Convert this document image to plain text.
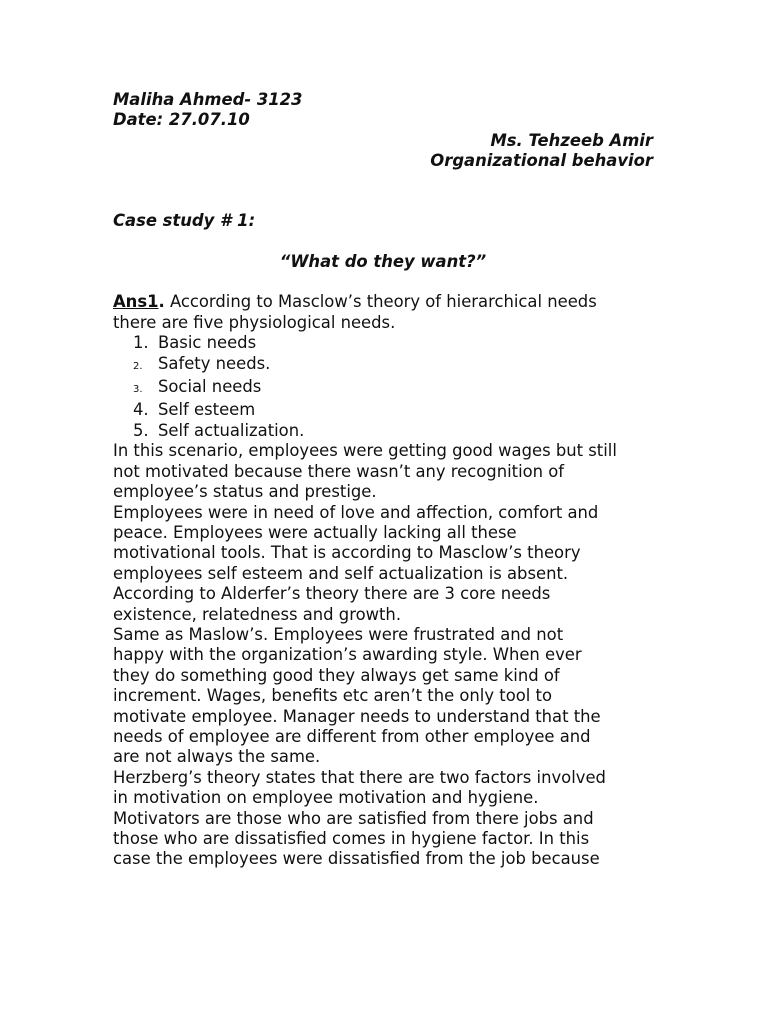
Maliha Ahmed- 3123
Date: 27.07.10
Ms. Tehzeeb Amir
Organizational behavior
Case study # 1:
“What do they want?”
Ans1. According to Masclow’s theory of hierarchical needs
there are five physiological needs.
1. Basic needs
2. Safety needs.
3. Social needs
4. Self esteem
5. Self actualization.
In this scenario, employees were getting good wages but still
not motivated because there wasn’t any recognition of
employee’s status and prestige.
Employees were in need of love and affection, comfort and
peace. Employees were actually lacking all these
motivational tools. That is according to Masclow’s theory
employees self esteem and self actualization is absent.
According to Alderfer’s theory there are 3 core needs
existence, relatedness and growth.
Same as Maslow’s. Employees were frustrated and not
happy with the organization’s awarding style. When ever
they do something good they always get same kind of
increment. Wages, benefits etc aren’t the only tool to
motivate employee. Manager needs to understand that the
needs of employee are different from other employee and
are not always the same.
Herzberg’s theory states that there are two factors involved
in motivation on employee motivation and hygiene.
Motivators are those who are satisfied from there jobs and
those who are dissatisfied comes in hygiene factor. In this
case the employees were dissatisfied from the job because
